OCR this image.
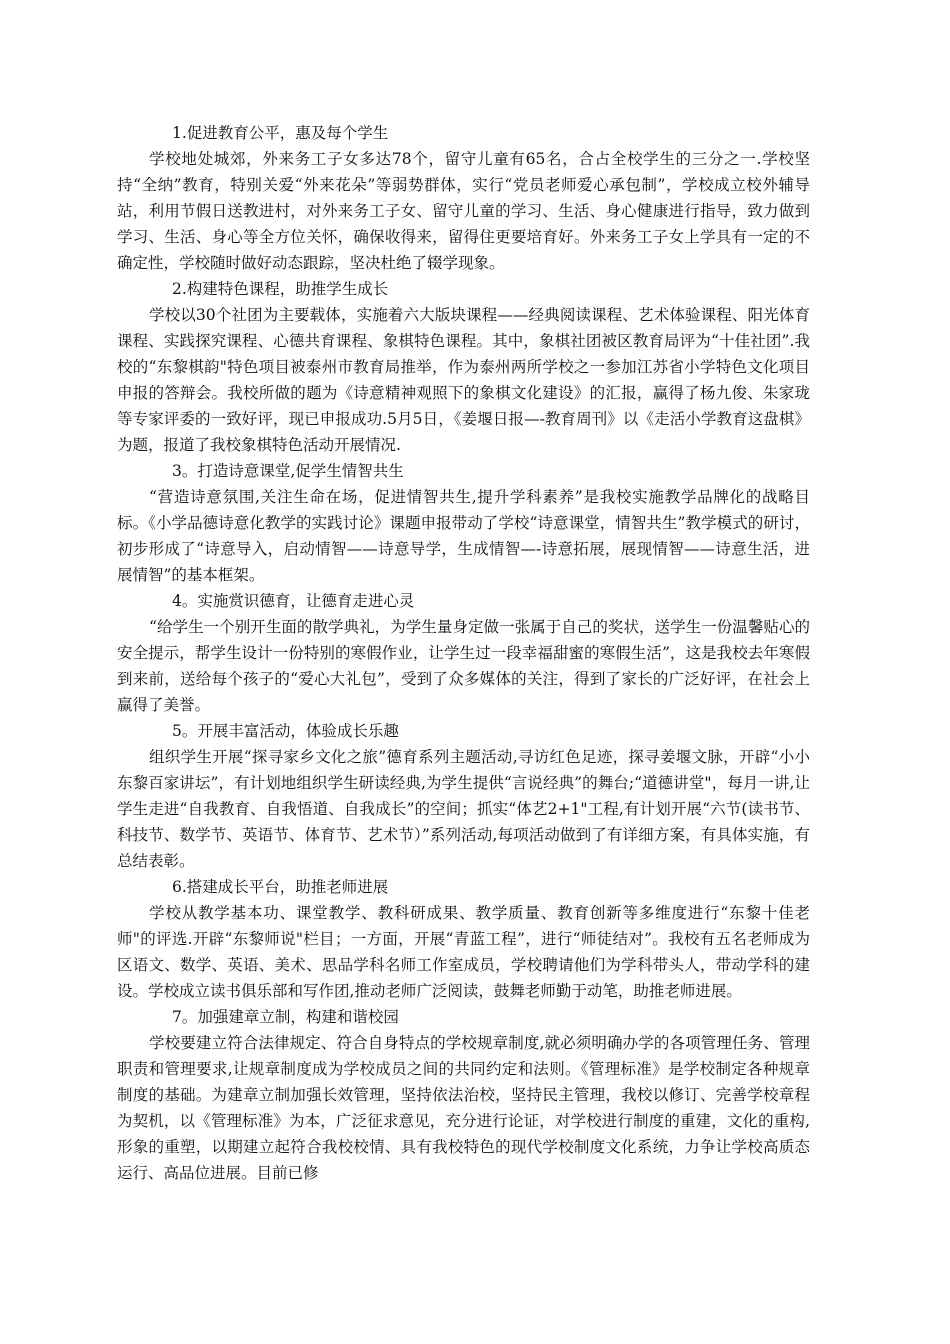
1.促进教育公平，惠及每个学生

学校地处城郊，外来务工子女多达78个，留守儿童有65名，合占全校学生的三分之一.学校坚持“全纳”教育，特别关爱“外来花朵”等弱势群体，实行“党员老师爱心承包制”，学校成立校外辅导站，利用节假日送教进村，对外来务工子女、留守儿童的学习、生活、身心健康进行指导，致力做到学习、生活、身心等全方位关怀，确保收得来，留得住更要培育好。外来务工子女上学具有一定的不确定性，学校随时做好动态跟踪，坚决杜绝了辍学现象。

2.构建特色课程，助推学生成长

学校以30个社团为主要载体，实施着六大版块课程——经典阅读课程、艺术体验课程、阳光体育课程、实践探究课程、心德共育课程、象棋特色课程。其中，象棋社团被区教育局评为“十佳社团”.我校的“东黎棋韵"特色项目被泰州市教育局推举，作为泰州两所学校之一参加江苏省小学特色文化项目申报的答辩会。我校所做的题为《诗意精神观照下的象棋文化建设》的汇报，赢得了杨九俊、朱家珑等专家评委的一致好评，现已申报成功.5月5日，《姜堰日报—-教育周刊》以《走活小学教育这盘棋》为题，报道了我校象棋特色活动开展情况.

3。打造诗意课堂,促学生情智共生

“营造诗意氛围,关注生命在场，促进情智共生,提升学科素养”是我校实施教学品牌化的战略目标。《小学品德诗意化教学的实践讨论》课题申报带动了学校“诗意课堂，情智共生”教学模式的研讨，初步形成了“诗意导入，启动情智——诗意导学，生成情智—-诗意拓展，展现情智——诗意生活，进展情智”的基本框架。

4。实施赏识德育，让德育走进心灵

“给学生一个别开生面的散学典礼，为学生量身定做一张属于自己的奖状，送学生一份温馨贴心的安全提示，帮学生设计一份特别的寒假作业，让学生过一段幸福甜蜜的寒假生活”，这是我校去年寒假到来前，送给每个孩子的“爱心大礼包”，受到了众多媒体的关注，得到了家长的广泛好评，在社会上赢得了美誉。

5。开展丰富活动，体验成长乐趣

组织学生开展“探寻家乡文化之旅”德育系列主题活动,寻访红色足迹，探寻姜堰文脉，开辟“小小东黎百家讲坛”，有计划地组织学生研读经典,为学生提供“言说经典”的舞台;“道德讲堂"，每月一讲,让学生走进“自我教育、自我悟道、自我成长”的空间；抓实“体艺2+1"工程,有计划开展“六节(读书节、科技节、数学节、英语节、体育节、艺术节）”系列活动,每项活动做到了有详细方案，有具体实施，有总结表彰。

6.搭建成长平台，助推老师进展

学校从教学基本功、课堂教学、教科研成果、教学质量、教育创新等多维度进行“东黎十佳老师"的评选.开辟“东黎师说"栏目；一方面，开展“青蓝工程”，进行“师徒结对”。我校有五名老师成为区语文、数学、英语、美术、思品学科名师工作室成员，学校聘请他们为学科带头人，带动学科的建设。学校成立读书俱乐部和写作团,推动老师广泛阅读，鼓舞老师勤于动笔，助推老师进展。

7。加强建章立制，构建和谐校园

学校要建立符合法律规定、符合自身特点的学校规章制度,就必须明确办学的各项管理任务、管理职责和管理要求,让规章制度成为学校成员之间的共同约定和法则。《管理标准》是学校制定各种规章制度的基础。为建章立制加强长效管理，坚持依法治校，坚持民主管理，我校以修订、完善学校章程为契机，以《管理标准》为本，广泛征求意见，充分进行论证，对学校进行制度的重建，文化的重构,形象的重塑，以期建立起符合我校校情、具有我校特色的现代学校制度文化系统，力争让学校高质态运行、高品位进展。目前已修
